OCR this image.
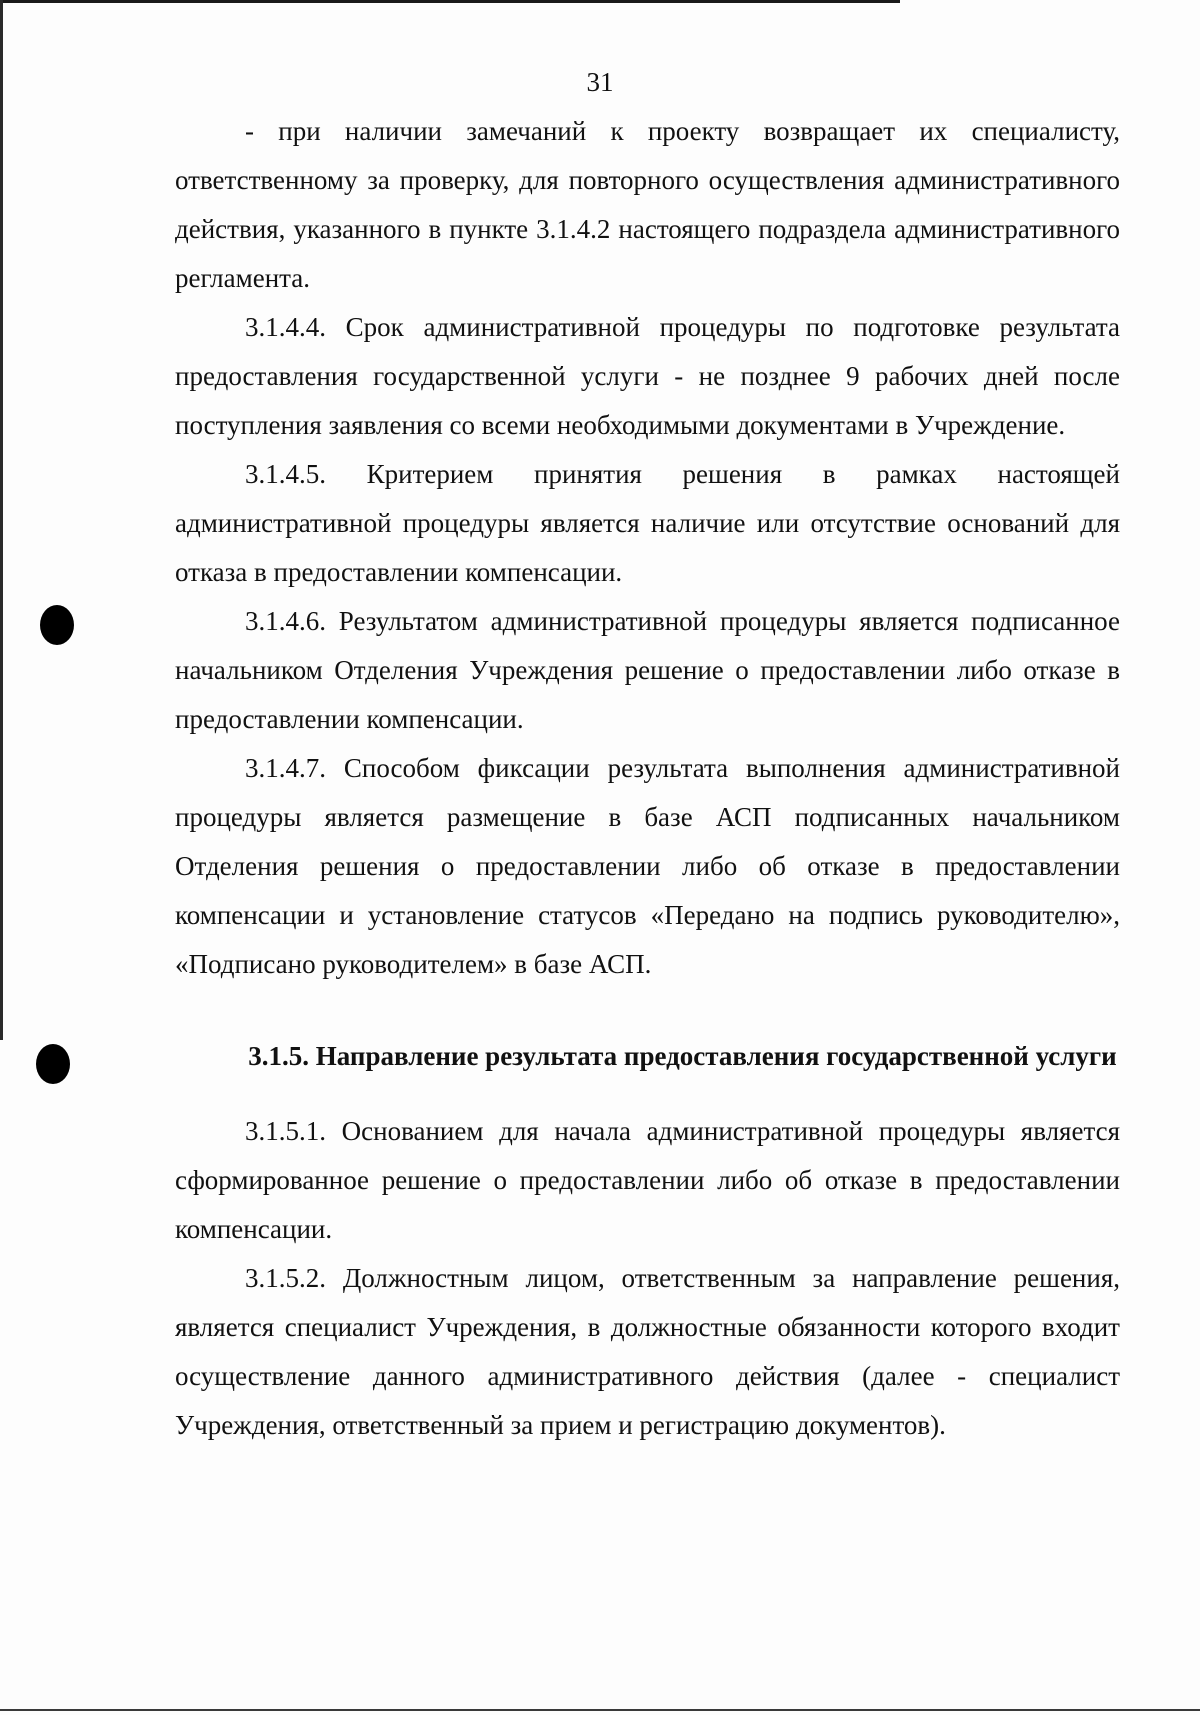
31

- при наличии замечаний к проекту возвращает их специалисту, ответственному за проверку, для повторного осуществления административного действия, указанного в пункте 3.1.4.2 настоящего подраздела административного регламента.

3.1.4.4. Срок административной процедуры по подготовке результата предоставления государственной услуги - не позднее 9 рабочих дней после поступления заявления со всеми необходимыми документами в Учреждение.

3.1.4.5. Критерием принятия решения в рамках настоящей административной процедуры является наличие или отсутствие оснований для отказа в предоставлении компенсации.

3.1.4.6. Результатом административной процедуры является подписанное начальником Отделения Учреждения решение о предоставлении либо отказе в предоставлении компенсации.

3.1.4.7. Способом фиксации результата выполнения административной процедуры является размещение в базе АСП подписанных начальником Отделения решения о предоставлении либо об отказе в предоставлении компенсации и установление статусов «Передано на подпись руководителю», «Подписано руководителем» в базе АСП.

3.1.5. Направление результата предоставления государственной услуги

3.1.5.1. Основанием для начала административной процедуры является сформированное решение о предоставлении либо об отказе в предоставлении компенсации.

3.1.5.2. Должностным лицом, ответственным за направление решения, является специалист Учреждения, в должностные обязанности которого входит осуществление данного административного действия (далее - специалист Учреждения, ответственный за прием и регистрацию документов).
